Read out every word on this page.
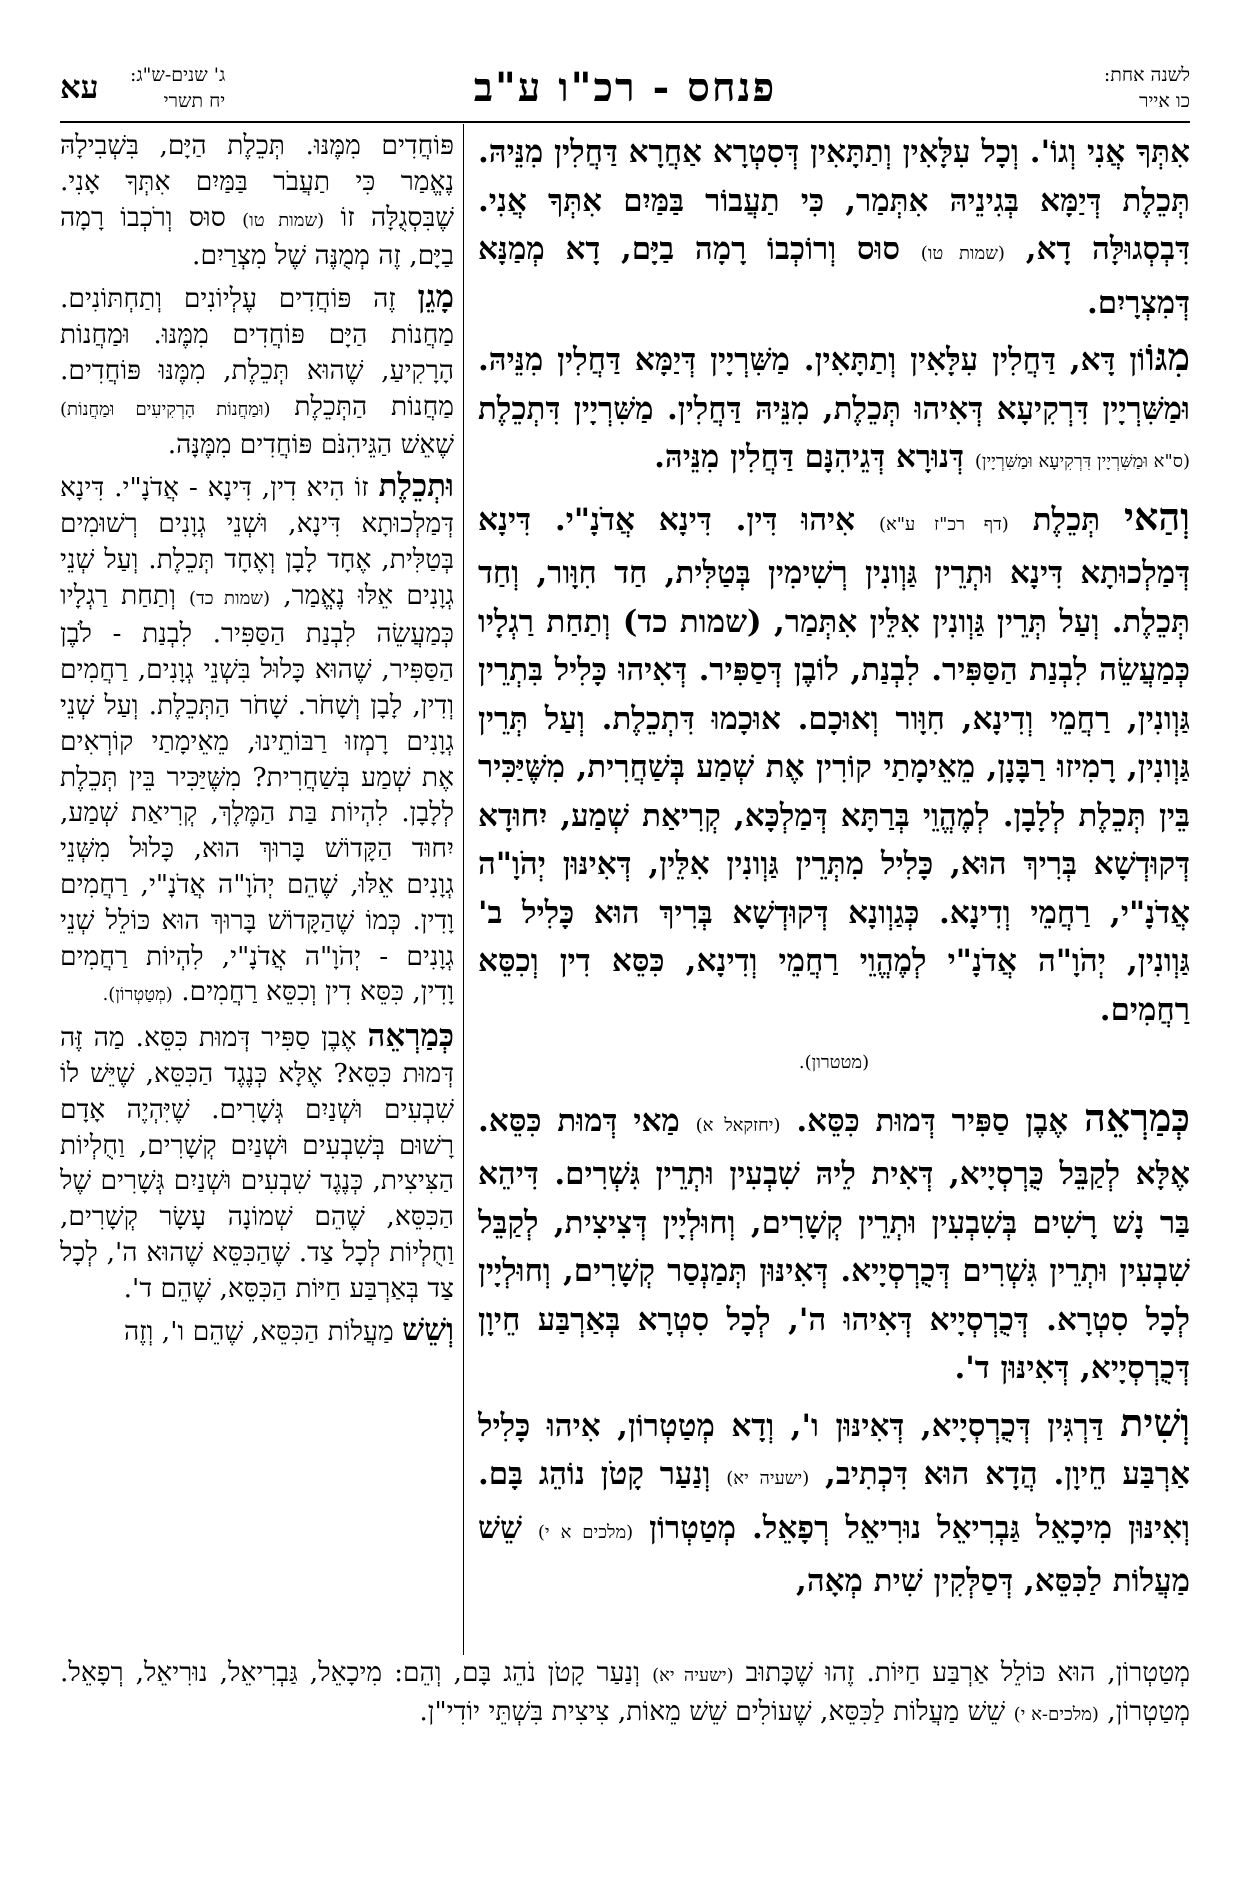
לשנה אחת:
כו אייר
פנחס - רכ"ו ע"ב
ג' שנים-ש"ג:
יח תשרי
עא
אִתְּךָ אֲנִי וְגוֹ'. וְכָל עִלָּאִין וְתַתָּאִין דְּסִטְרָא אַחֲרָא דַּחֲלִין מִנֵּיהּ. תְּכֵלֶת דְּיַמָּא בְּגִינֵיהּ אִתְּמַר, כִּי תַעֲבוֹר בַּמַּיִם אִתְּךָ אֲנִי. דִּבְסְגוּלָּה דָא, (שמות טו) סוּס וְרוֹכְבוֹ רָמָה בַיָּם, דָא מְמַנָּא דְּמִצְרָיִם.
מִגּוֹוֹן דָּא, דַּחֲלִין עִלָּאִין וְתַתָּאִין. מַשִּׁרְיָין דְּיַמָּא דַּחֲלִין מִנֵּיהּ. וּמַשִּׁרְיָין דִּרְקִיעָא דְּאִיהוּ תְּכֵלֶת, מִנֵּיהּ דַּחֲלִין. מַשִּׁרְיָין דִּתְכֵלֶת (ס"א וּמַשִּׁרְיָין דִּרְקִיעָא וּמַשִּׁרְיָין) דְּנוּרָא דְּגֵיהִנָּם דַּחֲלִין מִנֵּיהּ.
וְהַאי תְּכֵלֶת (דף רכ"ז ע"א) אִיהוּ דִּין. דִּינָא אֲדֹנָ"י. דִּינָא דְּמַלְכוּתָא דִּינָא וּתְרֵין גַּוְונִין רְשִׁימִין בְּטַלִּית, חַד חִוָּור, וְחַד תְּכֵלֶת. וְעַל תְּרֵין גַּוְונִין אִלֵּין אִתְּמַר, (שמות כד) וְתַחַת רַגְלָיו כְּמַעֲשֵׂה לִבְנַת הַסַּפִּיר. לִבְנַת, לוֹבֶן דְּסַפִּיר. דְּאִיהוּ כָּלִיל בִּתְרֵין גַּוְונִין, רַחֲמֵי וְדִינָא, חִוָּור וְאוּכָם. אוּכָמוּ דִּתְכֵלֶת. וְעַל תְּרֵין גַּוְונִין, רָמִיזוּ רַבָּנָן, מֵאֵימָתַי קוֹרִין אֶת שְׁמַע בְּשַׁחֲרִית, מִשֶּׁיַּכִּיר בֵּין תְּכֵלֶת לְלָבָן. לְמֶהֱוֵי בְּרַתָּא דְּמַלְכָּא, קְרִיאַת שְׁמַע, יִחוּדָא דְּקוּדְשָׁא בְּרִיךְ הוּא, כָּלִיל מִתְּרֵין גַּוְונִין אִלֵּין, דְּאִינּוּן יְהֹוָ"ה אֲדֹנָ"י, רַחֲמֵי וְדִינָא. כְּגַוְונָא דְּקוּדְשָׁא בְּרִיךְ הוּא כָּלִיל ב' גַּוְונִין, יְהֹוָ"ה אֲדֹנָ"י לְמֶהֱוֵי רַחֲמֵי וְדִינָא, כִּסֵּא דִין וְכִסֵּא רַחֲמִים.
(מטטרון).
כְּמַרְאֵה אֶבֶן סַפִּיר דְּמוּת כִּסֵּא. (יחזקאל א) מַאי דְּמוּת כִּסֵּא. אֶלָּא לְקַבֵּל כֻּרְסְיָיא, דְּאִית לֵיהּ שִׁבְעִין וּתְרֵין גִּשְׁרִים. דִּיהֵא בַּר נָשׁ רָשִׁים בְּשִׁבְעִין וּתְרֵין קְשָׁרִים, וְחוּלְיָין דְּצִיצִית, לְקַבֵּל שִׁבְעִין וּתְרֵין גִּשְׁרִים דְּכֻרְסְיָיא. דְּאִינּוּן תְּמַנְסַר קְשָׁרִים, וְחוּלְיָין לְכָל סִטְרָא. דְּכֻרְסְיָיא דְּאִיהוּ ה', לְכָל סִטְרָא בְּאַרְבַּע חֵיוָן דְּכֻרְסְיָיא, דְּאִינּוּן ד'.
וְשִׁית דַּרְגִּין דְּכֻרְסְיָיא, דְּאִינּוּן ו', וְדָא מְטַטְרוֹן, אִיהוּ כָּלִיל אַרְבַּע חֵיוָן. הֲדָא הוּא דִּכְתִיב, (ישעיה יא) וְנַעַר קָטֹן נוֹהֵג בָּם. וְאִינּוּן מִיכָאֵל גַּבְרִיאֵל נוּרִיאֵל רְפָאֵל. מְטַטְרוֹן (מלכים א י) שֵׁשׁ מַעֲלוֹת לַכִּסֵּא, דְּסַלְּקִין שִׁית מְאָה,
פּוֹחֲדִים מִמֶּנּוּ. תְּכֵלֶת הַיָּם, בִּשְׁבִילָהּ נֶאֱמַר כִּי תַעֲבֹר בַּמַּיִם אִתְּךָ אָנִי. שֶׁבִּסְגֻלָּה זוֹ (שמות טו) סוּס וְרֹכְבוֹ רָמָה בַיָּם, זֶה מְמֻנֶּה שֶׁל מִצְרַיִם.
מָגֵן זֶה פּוֹחֲדִים עֶלְיוֹנִים וְתַחְתּוֹנִים. מַחֲנוֹת הַיָּם פּוֹחֲדִים מִמֶּנּוּ. וּמַחֲנוֹת הָרָקִיעַ, שֶׁהוּא תְּכֵלֶת, מִמֶּנּוּ פּוֹחֲדִים. מַחֲנוֹת הַתְּכֵלֶת (וּמַחֲנוֹת הָרְקִיעִים וּמַחֲנוֹת) שֶׁאֵשׁ הַגֵּיהִנֹּם פּוֹחֲדִים מִמֶּנָּה.
וּתְכֵלֶת זוֹ הִיא דִין, דִּינָא - אֲדֹנָ"י. דִּינָא דְּמַלְכוּתָא דִּינָא, וּשְׁנֵי גְוָנִים רְשׁוּמִים בְּטַלִּית, אֶחָד לָבָן וְאֶחָד תְּכֵלֶת. וְעַל שְׁנֵי גְוָנִים אֵלּוּ נֶאֱמַר, (שמות כד) וְתַחַת רַגְלָיו כְּמַעֲשֵׂה לִבְנַת הַסַּפִּיר. לִבְנַת - לֹבֶן הַסַּפִּיר, שֶׁהוּא כָּלוּל בִּשְׁנֵי גְוָנִים, רַחֲמִים וְדִין, לָבָן וְשָׁחֹר. שָׁחֹר הַתְּכֵלֶת. וְעַל שְׁנֵי גְוָנִים רָמְזוּ רַבּוֹתֵינוּ, מֵאֵימָתַי קוֹרְאִים אֶת שְׁמַע בְּשַׁחֲרִית? מִשֶּׁיַּכִּיר בֵּין תְּכֵלֶת לְלָבָן. לִהְיוֹת בַּת הַמֶּלֶךְ, קְרִיאַת שְׁמַע, יִחוּד הַקָּדוֹשׁ בָּרוּךְ הוּא, כָּלוּל מִשְּׁנֵי גְוָנִים אֵלּוּ, שֶׁהֵם יְהֹוָ"ה אֲדֹנָ"י, רַחֲמִים וָדִין. כְּמוֹ שֶׁהַקָּדוֹשׁ בָּרוּךְ הוּא כּוֹלֵל שְׁנֵי גְוָנִים - יְהֹוָ"ה אֲדֹנָ"י, לִהְיוֹת רַחֲמִים וָדִין, כִּסֵּא דִין וְכִסֵּא רַחֲמִים. (מְטַטְרוֹן).
כְּמַרְאֵה אֶבֶן סַפִּיר דְּמוּת כִּסֵּא. מַה זֶּה דְּמוּת כִּסֵּא? אֶלָּא כְּנֶגֶד הַכִּסֵּא, שֶׁיֵּשׁ לוֹ שִׁבְעִים וּשְׁנַיִם גְּשָׁרִים. שֶׁיִּהְיֶה אָדָם רָשׁוּם בְּשִׁבְעִים וּשְׁנַיִם קְשָׁרִים, וַחֻלְיוֹת הַצִּיצִית, כְּנֶגֶד שִׁבְעִים וּשְׁנַיִם גְּשָׁרִים שֶׁל הַכִּסֵּא, שֶׁהֵם שְׁמוֹנָה עָשָׂר קְשָׁרִים, וַחֻלְיוֹת לְכָל צַד. שֶׁהַכִּסֵּא שֶׁהוּא ה', לְכָל צַד בְּאַרְבַּע חַיּוֹת הַכִּסֵּא, שֶׁהֵם ד'.
וְשֵׁשׁ מַעֲלוֹת הַכִּסֵּא, שֶׁהֵם ו', וְזֶה
מְטַטְרוֹן, הוּא כּוֹלֵל אַרְבַּע חַיּוֹת. זֶהוּ שֶׁכָּתוּב (ישעיה יא) וְנַעַר קָטֹן נֹהֵג בָּם, וְהֵם: מִיכָאֵל, גַּבְרִיאֵל, נוּרִיאֵל, רְפָאֵל. מְטַטְרוֹן, (מלכים-א י) שֵׁשׁ מַעֲלוֹת לַכִּסֵּא, שֶׁעוֹלִים שֵׁשׁ מֵאוֹת, צִיצִית בִּשְׁתֵּי יוֹדִי"ן.
